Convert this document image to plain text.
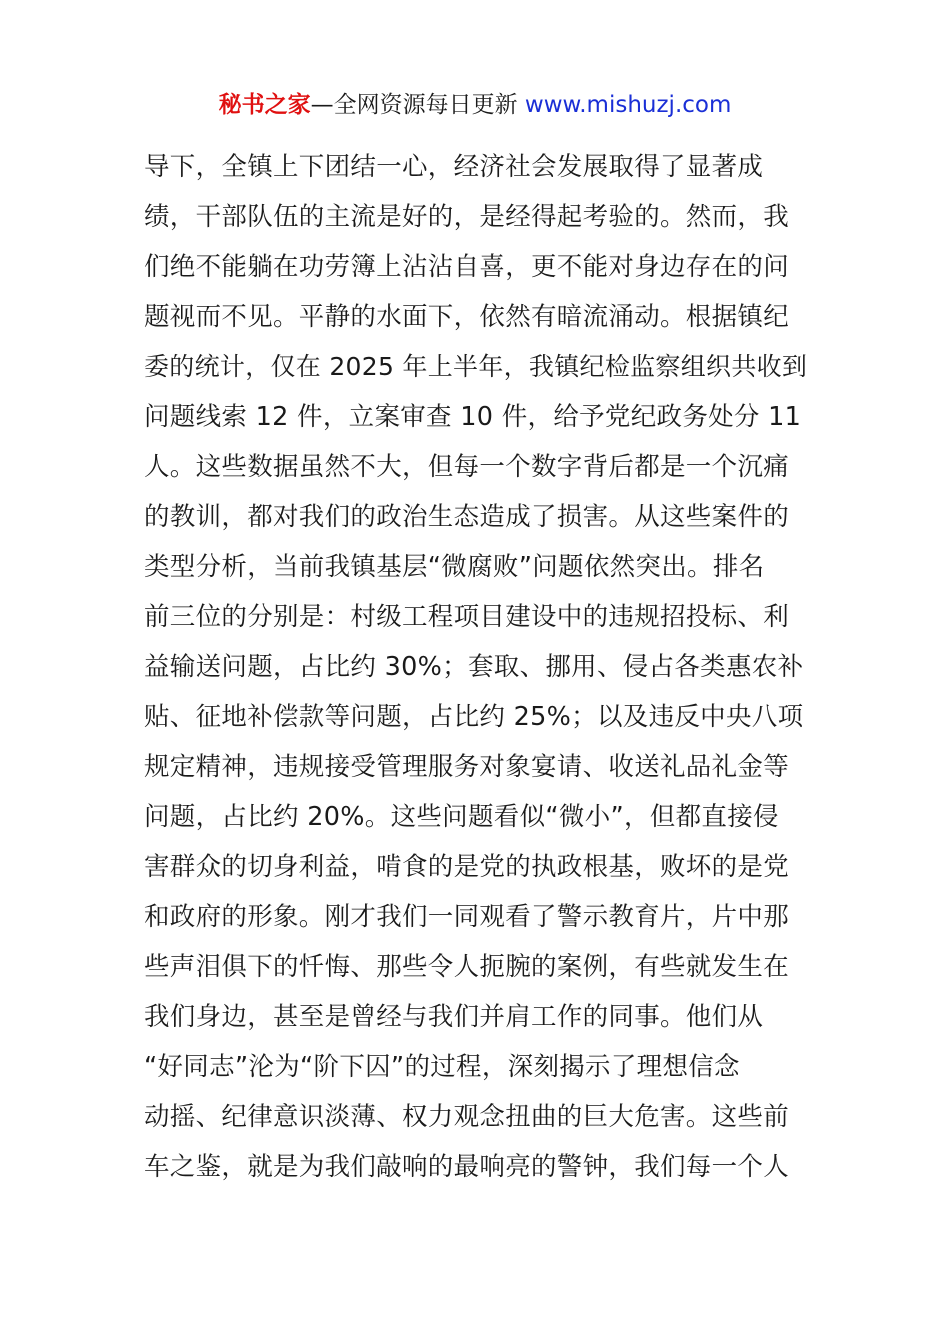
秘书之家—全网资源每日更新 www.mishuzj.com
导下，全镇上下团结一心，经济社会发展取得了显著成
绩，干部队伍的主流是好的，是经得起考验的。然而，我
们绝不能躺在功劳簿上沾沾自喜，更不能对身边存在的问
题视而不见。平静的水面下，依然有暗流涌动。根据镇纪
委的统计，仅在 2025 年上半年，我镇纪检监察组织共收到
问题线索 12 件，立案审查 10 件，给予党纪政务处分 11
人。这些数据虽然不大，但每一个数字背后都是一个沉痛
的教训，都对我们的政治生态造成了损害。从这些案件的
类型分析，当前我镇基层“微腐败”问题依然突出。排名
前三位的分别是：村级工程项目建设中的违规招投标、利
益输送问题，占比约 30%；套取、挪用、侵占各类惠农补
贴、征地补偿款等问题，占比约 25%；以及违反中央八项
规定精神，违规接受管理服务对象宴请、收送礼品礼金等
问题，占比约 20%。这些问题看似“微小”，但都直接侵
害群众的切身利益，啃食的是党的执政根基，败坏的是党
和政府的形象。刚才我们一同观看了警示教育片，片中那
些声泪俱下的忏悔、那些令人扼腕的案例，有些就发生在
我们身边，甚至是曾经与我们并肩工作的同事。他们从
“好同志”沦为“阶下囚”的过程，深刻揭示了理想信念
动摇、纪律意识淡薄、权力观念扭曲的巨大危害。这些前
车之鉴，就是为我们敲响的最响亮的警钟，我们每一个人
